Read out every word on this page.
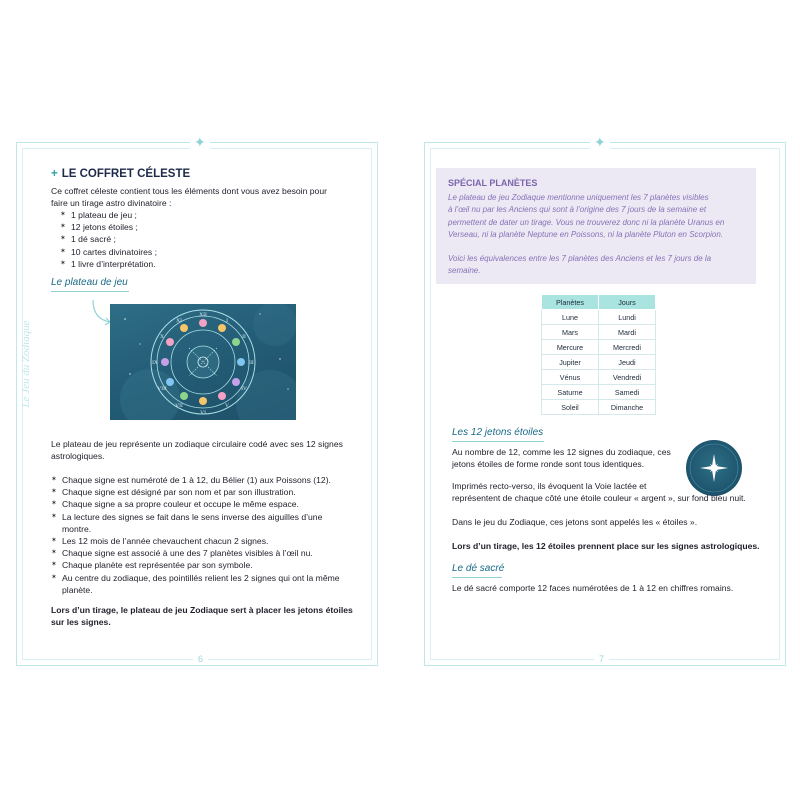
✦
6
Le Jeu du Zodiaque
+ LE COFFRET CÉLESTE
Ce coffret céleste contient tous les éléments dont vous avez besoin pour
faire un tirage astro divinatoire :
✶ 1 plateau de jeu ;
✶ 12 jetons étoiles ;
✶ 1 dé sacré ;
✶ 10 cartes divinatoires ;
✶ 1 livre d’interprétation.
Le plateau de jeu
XII
I
II
III
IV
V
VI
VII
VIII
IX
X
XI
Le plateau de jeu représente un zodiaque circulaire codé avec ses 12 signes
astrologiques.
✶ Chaque signe est numéroté de 1 à 12, du Bélier (1) aux Poissons (12).
✶ Chaque signe est désigné par son nom et par son illustration.
✶ Chaque signe a sa propre couleur et occupe le même espace.
✶ La lecture des signes se fait dans le sens inverse des aiguilles d’une
montre.
✶ Les 12 mois de l’année chevauchent chacun 2 signes.
✶ Chaque signe est associé à une des 7 planètes visibles à l’œil nu.
✶ Chaque planète est représentée par son symbole.
✶ Au centre du zodiaque, des pointillés relient les 2 signes qui ont la même
planète.
Lors d’un tirage, le plateau de jeu Zodiaque sert à placer les jetons étoiles
sur les signes.
✦
7
SPÉCIAL PLANÈTES
Le plateau de jeu Zodiaque mentionne uniquement les 7 planètes visibles
à l’œil nu par les Anciens qui sont à l’origine des 7 jours de la semaine et
permettent de dater un tirage. Vous ne trouverez donc ni la planète Uranus en
Verseau, ni la planète Neptune en Poissons, ni la planète Pluton en Scorpion.
Voici les équivalences entre les 7 planètes des Anciens et les 7 jours de la
semaine.
Planètes	Jours
Lune	Lundi
Mars	Mardi
Mercure	Mercredi
Jupiter	Jeudi
Vénus	Vendredi
Saturne	Samedi
Soleil	Dimanche
Les 12 jetons étoiles
Au nombre de 12, comme les 12 signes du zodiaque, ces
jetons étoiles de forme ronde sont tous identiques.
Imprimés recto-verso, ils évoquent la Voie lactée et
représentent de chaque côté une étoile couleur « argent », sur fond bleu nuit.
Dans le jeu du Zodiaque, ces jetons sont appelés les « étoiles ».
Lors d’un tirage, les 12 étoiles prennent place sur les signes astrologiques.
Le dé sacré
Le dé sacré comporte 12 faces numérotées de 1 à 12 en chiffres romains.
